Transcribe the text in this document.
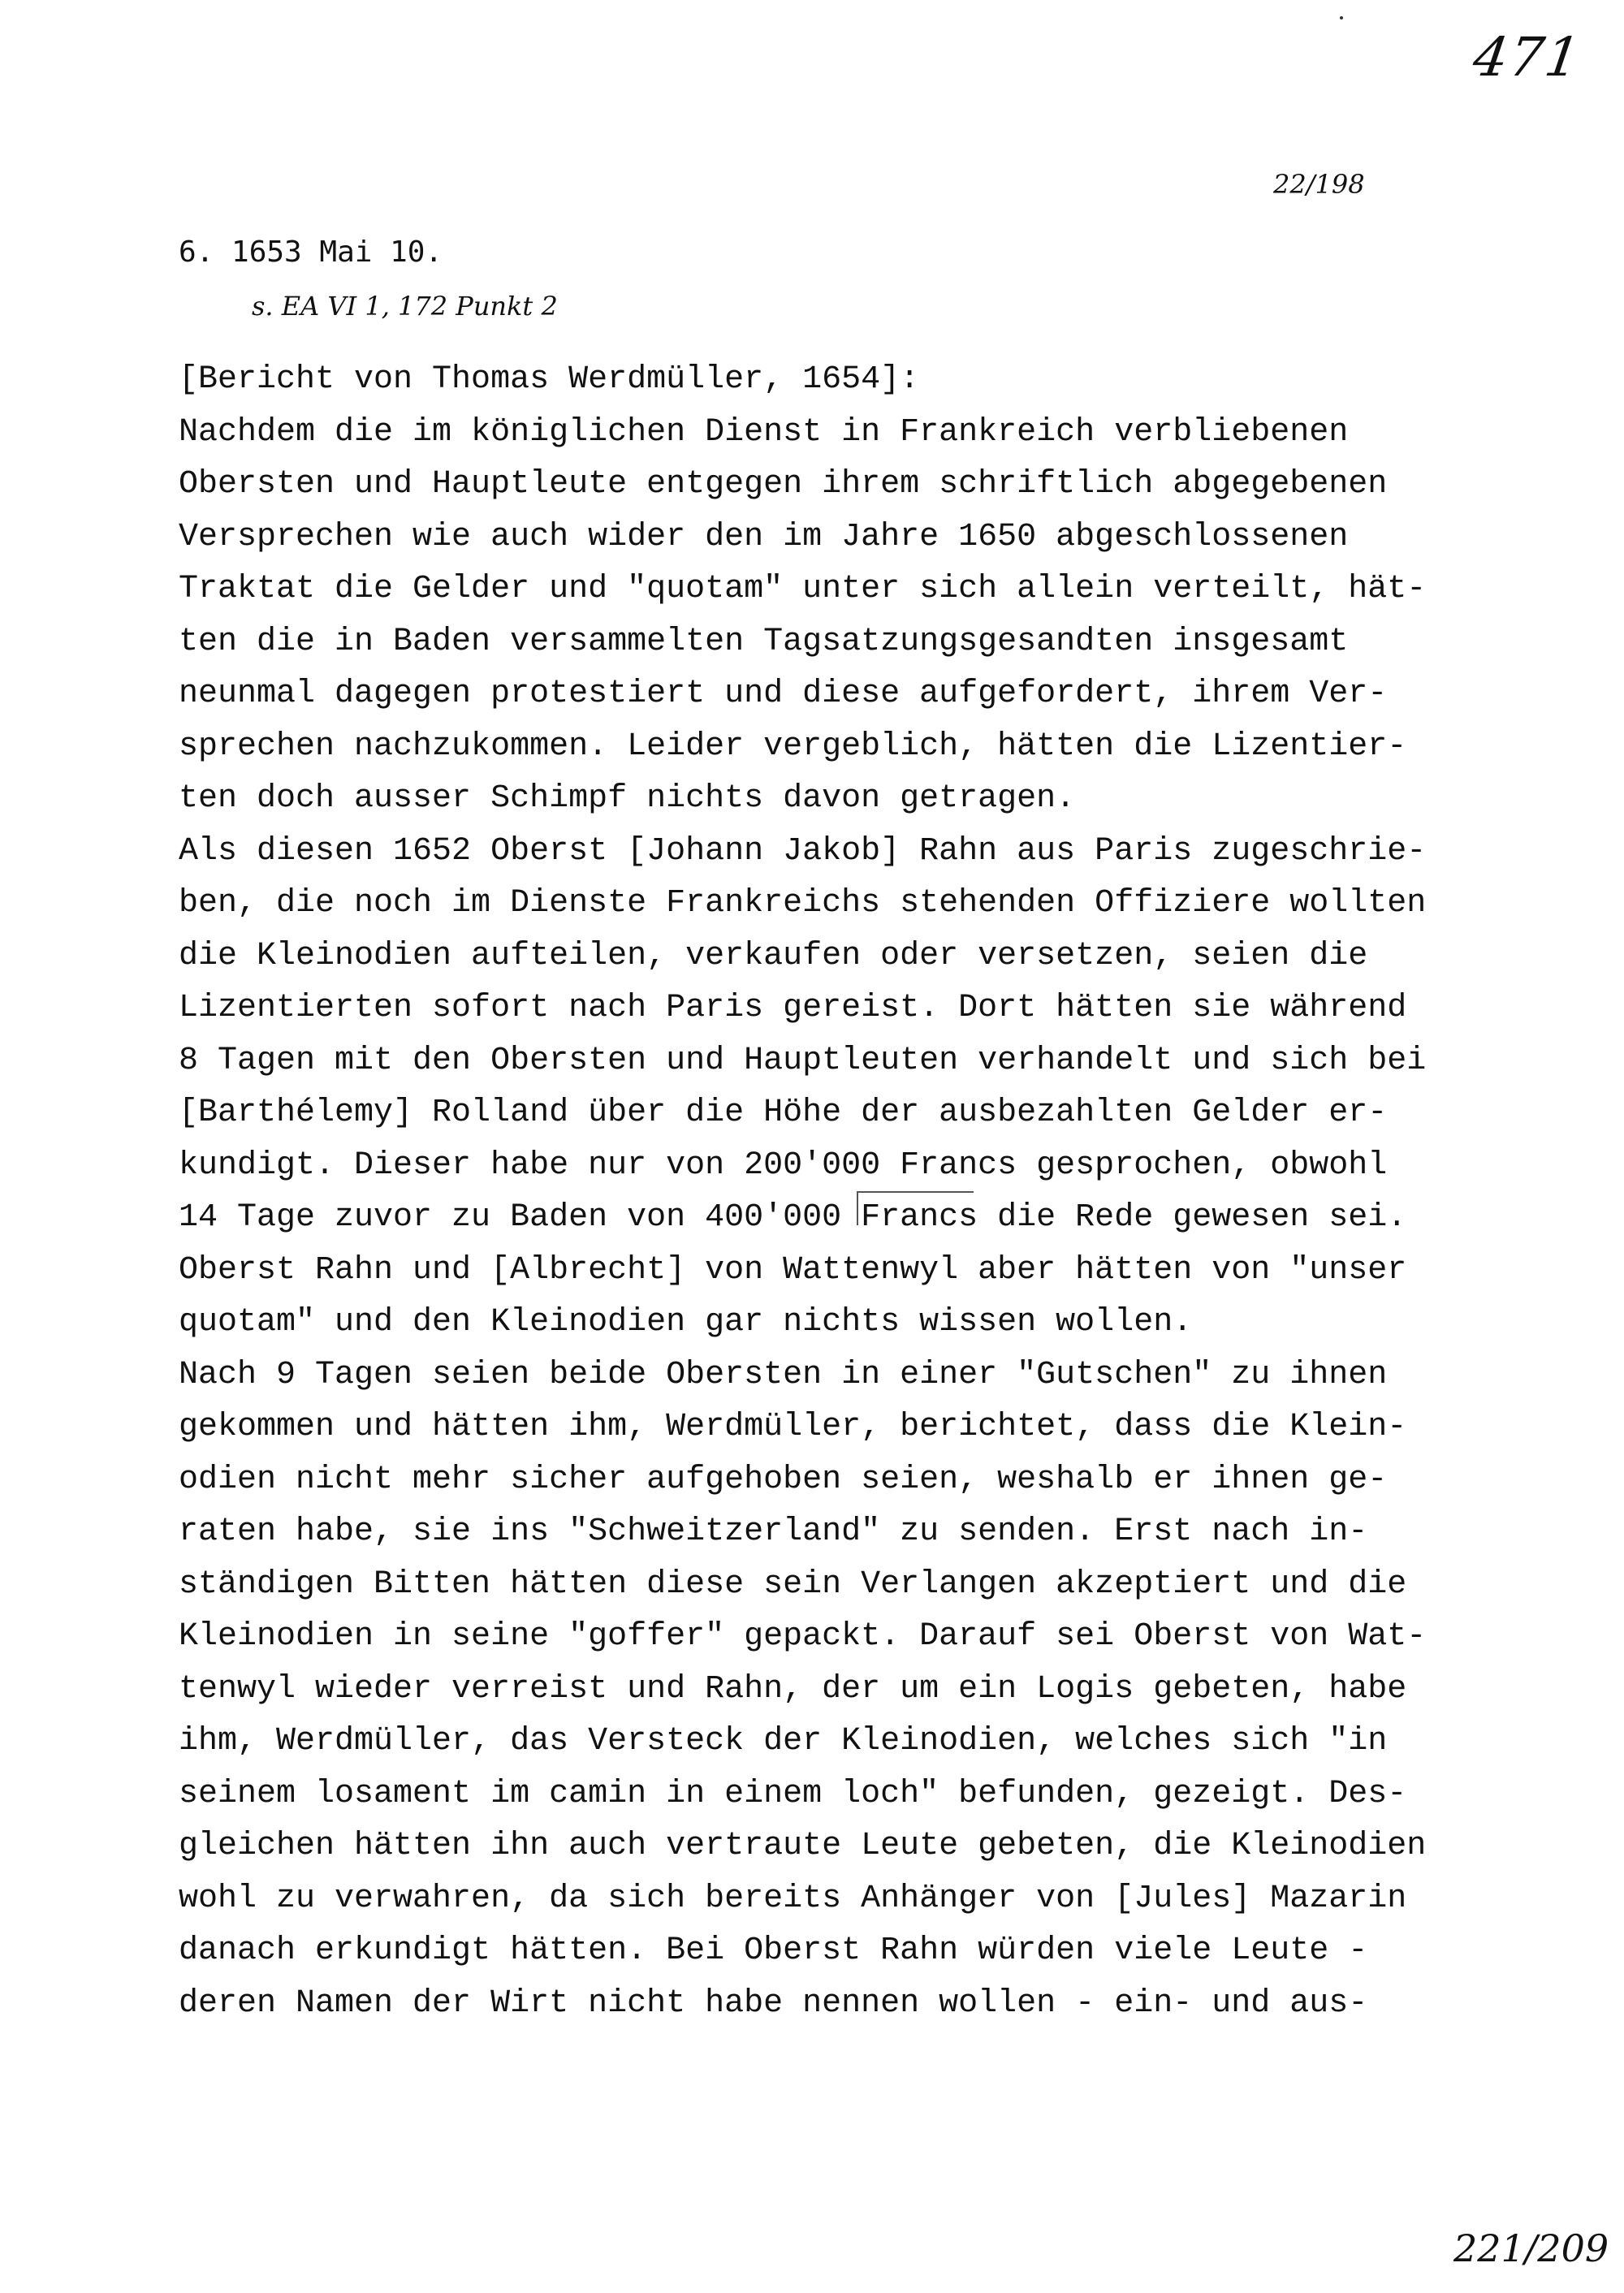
471
22/198
6. 1653 Mai 10.
s. EA VI 1, 172 Punkt 2
[Bericht von Thomas Werdmüller, 1654]:
Nachdem die im königlichen Dienst in Frankreich verbliebenen
Obersten und Hauptleute entgegen ihrem schriftlich abgegebenen
Versprechen wie auch wider den im Jahre 1650 abgeschlossenen
Traktat die Gelder und "quotam" unter sich allein verteilt, hät-
ten die in Baden versammelten Tagsatzungsgesandten insgesamt
neunmal dagegen protestiert und diese aufgefordert, ihrem Ver-
sprechen nachzukommen. Leider vergeblich, hätten die Lizentier-
ten doch ausser Schimpf nichts davon getragen.
Als diesen 1652 Oberst [Johann Jakob] Rahn aus Paris zugeschrie-
ben, die noch im Dienste Frankreichs stehenden Offiziere wollten
die Kleinodien aufteilen, verkaufen oder versetzen, seien die
Lizentierten sofort nach Paris gereist. Dort hätten sie während
8 Tagen mit den Obersten und Hauptleuten verhandelt und sich bei
[Barthélemy] Rolland über die Höhe der ausbezahlten Gelder er-
kundigt. Dieser habe nur von 200'000 Francs gesprochen, obwohl
14 Tage zuvor zu Baden von 400'000 Francs die Rede gewesen sei.
Oberst Rahn und [Albrecht] von Wattenwyl aber hätten von "unser
quotam" und den Kleinodien gar nichts wissen wollen.
Nach 9 Tagen seien beide Obersten in einer "Gutschen" zu ihnen
gekommen und hätten ihm, Werdmüller, berichtet, dass die Klein-
odien nicht mehr sicher aufgehoben seien, weshalb er ihnen ge-
raten habe, sie ins "Schweitzerland" zu senden. Erst nach in-
ständigen Bitten hätten diese sein Verlangen akzeptiert und die
Kleinodien in seine "goffer" gepackt. Darauf sei Oberst von Wat-
tenwyl wieder verreist und Rahn, der um ein Logis gebeten, habe
ihm, Werdmüller, das Versteck der Kleinodien, welches sich "in
seinem losament im camin in einem loch" befunden, gezeigt. Des-
gleichen hätten ihn auch vertraute Leute gebeten, die Kleinodien
wohl zu verwahren, da sich bereits Anhänger von [Jules] Mazarin
danach erkundigt hätten. Bei Oberst Rahn würden viele Leute -
deren Namen der Wirt nicht habe nennen wollen - ein- und aus-
221/209
